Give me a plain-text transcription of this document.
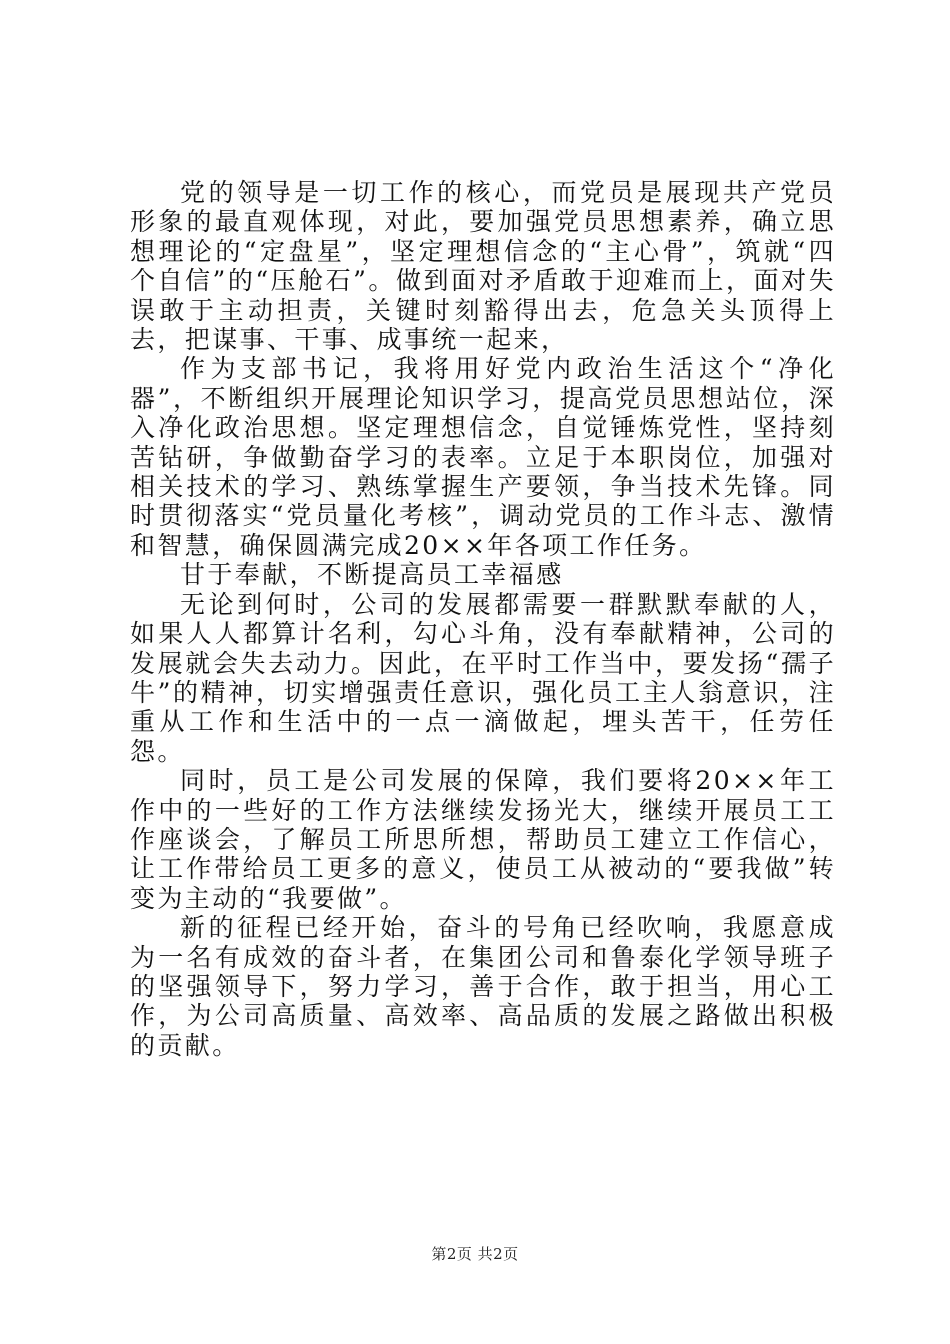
党的领导是一切工作的核心，而党员是展现共产党员形象的最直观体现，对此，要加强党员思想素养，确立思想理论的“定盘星”，坚定理想信念的“主心骨”，筑就“四个自信”的“压舱石”。做到面对矛盾敢于迎难而上，面对失误敢于主动担责，关键时刻豁得出去，危急关头顶得上去，把谋事、干事、成事统一起来，

作为支部书记，我将用好党内政治生活这个“净化器”，不断组织开展理论知识学习，提高党员思想站位，深入净化政治思想。坚定理想信念，自觉锤炼党性，坚持刻苦钻研，争做勤奋学习的表率。立足于本职岗位，加强对相关技术的学习、熟练掌握生产要领，争当技术先锋。同时贯彻落实“党员量化考核”，调动党员的工作斗志、激情和智慧，确保圆满完成20××年各项工作任务。

甘于奉献，不断提高员工幸福感

无论到何时，公司的发展都需要一群默默奉献的人，如果人人都算计名利，勾心斗角，没有奉献精神，公司的发展就会失去动力。因此，在平时工作当中，要发扬“孺子牛”的精神，切实增强责任意识，强化员工主人翁意识，注重从工作和生活中的一点一滴做起，埋头苦干，任劳任怨。

同时，员工是公司发展的保障，我们要将20××年工作中的一些好的工作方法继续发扬光大，继续开展员工工作座谈会，了解员工所思所想，帮助员工建立工作信心，让工作带给员工更多的意义，使员工从被动的“要我做”转变为主动的“我要做”。

新的征程已经开始，奋斗的号角已经吹响，我愿意成为一名有成效的奋斗者，在集团公司和鲁泰化学领导班子的坚强领导下，努力学习，善于合作，敢于担当，用心工作，为公司高质量、高效率、高品质的发展之路做出积极的贡献。

第2页 共2页
